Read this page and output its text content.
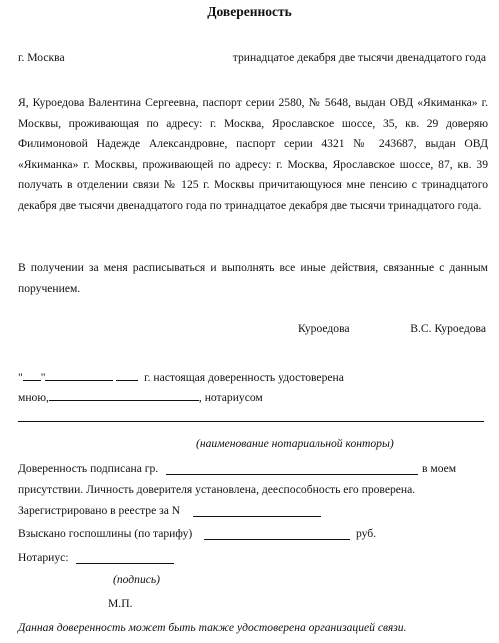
Доверенность
г. Москва	тринадцатое декабря две тысячи двенадцатого года
Я, Куроедова Валентина Сергеевна, паспорт серии 2580, № 5648, выдан ОВД «Якиманка» г. Москвы, проживающая по адресу: г. Москва, Ярославское шоссе, 35, кв. 29 доверяю Филимоновой Надежде Александровне, паспорт серии 4321 № 243687, выдан ОВД «Якиманка» г. Москвы, проживающей по адресу: г. Москва, Ярославское шоссе, 87, кв. 39 получать в отделении связи № 125 г. Москвы причитающуюся мне пенсию с тринадцатого декабря две тысячи двенадцатого года по тринадцатое декабря две тысячи тринадцатого года.
В получении за меня расписываться и выполнять все иные действия, связанные с данным поручением.
Куроедова	В.С. Куроедова
" "	г. настоящая доверенность удостоверена
мною,	, нотариусом
(наименование нотариальной конторы)
Доверенность подписана гр.	в моем
присутствии. Личность доверителя установлена, дееспособность его проверена.
Зарегистрировано в реестре за N
Взыскано госпошлины (по тарифу)	руб.
Нотариус:
(подпись)
М.П.
Данная доверенность может быть также удостоверена организацией связи.
